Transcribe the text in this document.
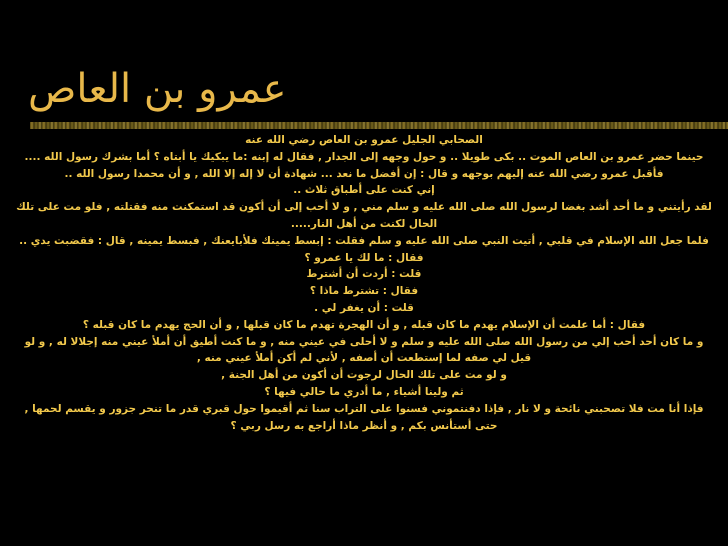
عمرو بن العاص
الصحابي الجليل عمرو بن العاص رضي الله عنه
حينما حضر عمرو بن العاص الموت .. بكى طويلا .. و حول وجهه إلى الجدار , فقال له إبنه :ما يبكيك يا أبتاه ؟ أما بشرك رسول الله ....
فأقبل عمرو رضي الله عنه إليهم بوجهه و قال : إن أفضل ما نعد ... شهادة أن لا إله إلا الله , و أن محمدا رسول الله ..
إني كنت على أطباق ثلاث ..
لقد رأيتني و ما أحد أشد بغضا لرسول الله صلى الله عليه و سلم مني , و لا أحب إلى أن أكون قد استمكنت منه فقتلته , فلو مت على تلك
الحال لكنت من أهل النار.....
فلما جعل الله الإسلام في قلبي , أتيت النبي صلى الله عليه و سلم فقلت : إبسط يمينك فلأبايعنك , فبسط يمينه , قال : فقضبت يدي ..
فقال : ما لك يا عمرو ؟
قلت : أردت أن أشترط
فقال : تشترط ماذا ؟
قلت : أن يغفر لي .
فقال : أما علمت أن الإسلام يهدم ما كان قبله , و أن الهجرة تهدم ما كان قبلها , و أن الحج يهدم ما كان قبله ؟
و ما كان أحد أحب إلي من رسول الله صلى الله عليه و سلم و لا أحلى في عيني منه , و ما كنت أطيق أن أملأ عيني منه إجلالا له , و لو
قيل لي صفه لما إستطعت أن أصفه , لأني لم أكن أملأ عيني منه ,
و لو مت على تلك الحال لرجوت أن أكون من أهل الجنة ,
ثم ولينا أشياء , ما أدري ما حالي فيها ؟
فإذا أنا مت فلا تصحبني نائحة و لا نار , فإذا دفنتموني فسنوا على التراب سنا ثم أقيموا حول قبري قدر ما تنحر جزور و يقسم لحمها ,
حتى أستأنس بكم , و أنظر ماذا أراجع به رسل ربي ؟
